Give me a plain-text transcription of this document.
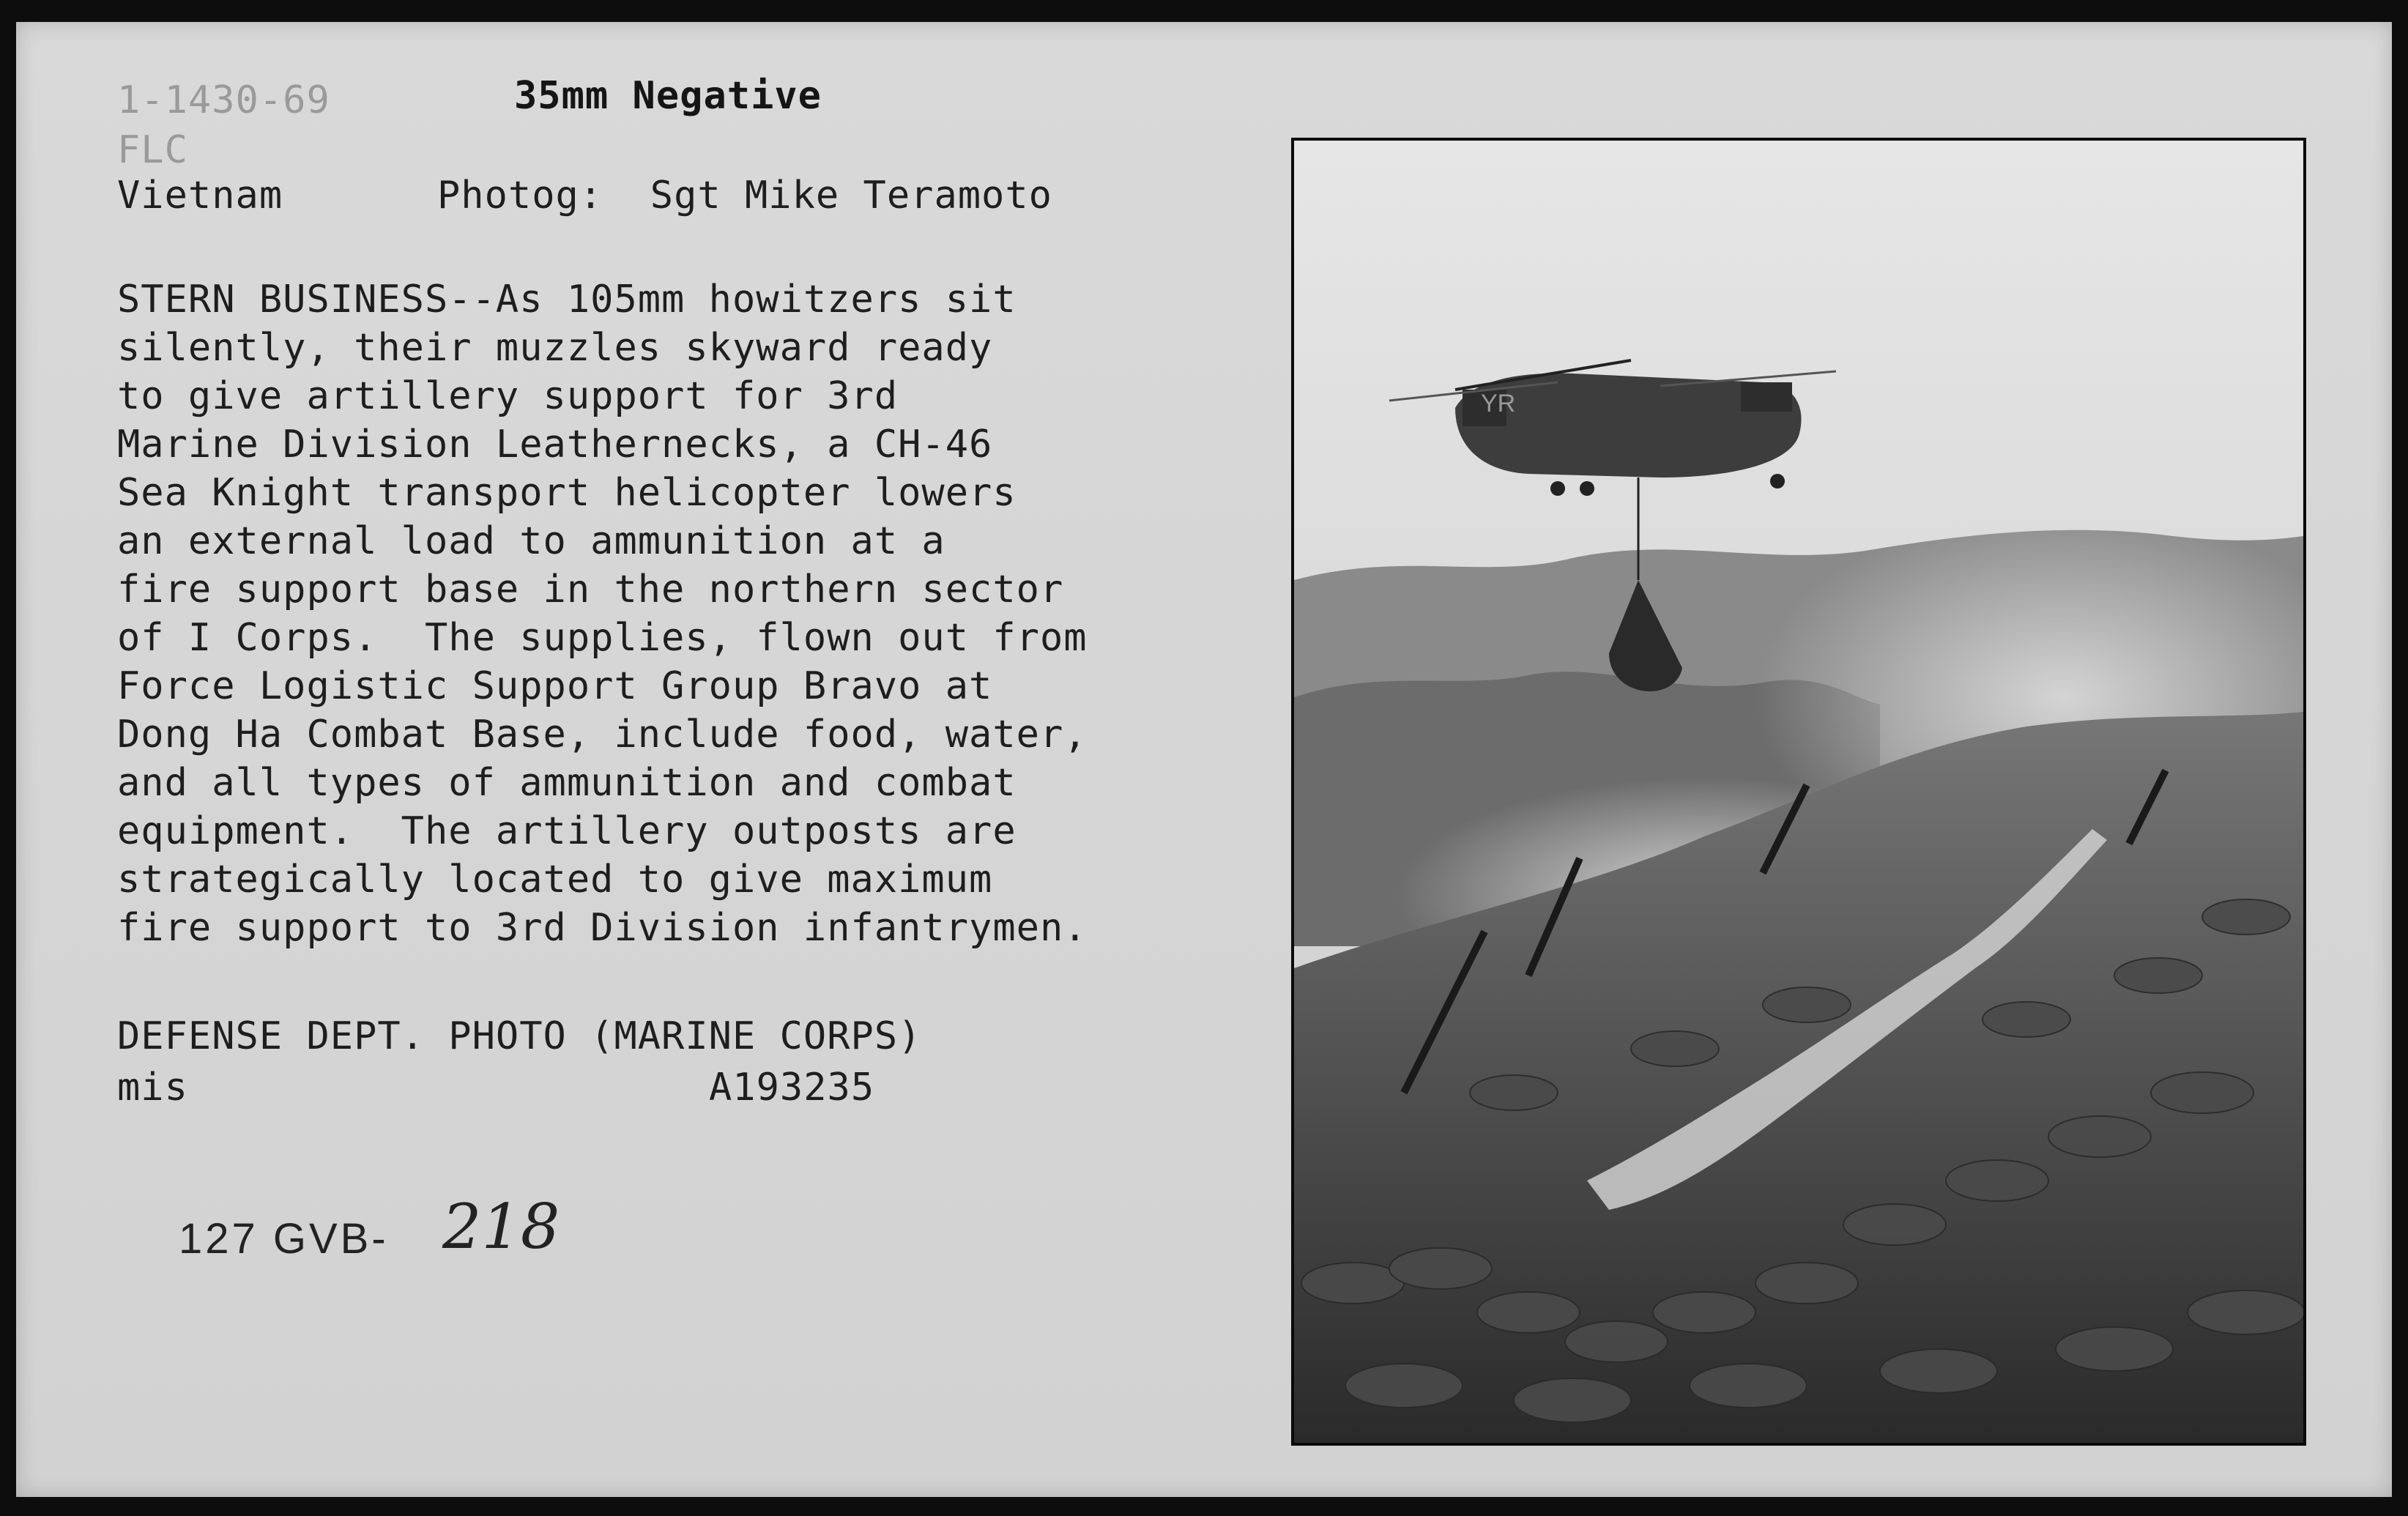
1-1430-69	35mm Negative
FLC
Vietnam	Photog:  Sgt Mike Teramoto
STERN BUSINESS--As 105mm howitzers sit
silently, their muzzles skyward ready
to give artillery support for 3rd
Marine Division Leathernecks, a CH-46
Sea Knight transport helicopter lowers
an external load to ammunition at a
fire support base in the northern sector
of I Corps.  The supplies, flown out from
Force Logistic Support Group Bravo at
Dong Ha Combat Base, include food, water,
and all types of ammunition and combat
equipment.  The artillery outposts are
strategically located to give maximum
fire support to 3rd Division infantrymen.
DEFENSE DEPT. PHOTO (MARINE CORPS)
mis	A193235
127 GVB- 218
YR
